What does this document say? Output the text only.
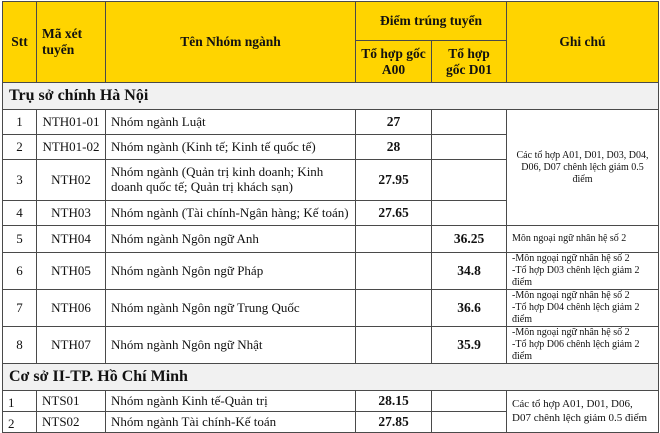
Stt	Mã xét tuyển	Tên Nhóm ngành	Điểm trúng tuyển		Ghi chú
			Tổ hợp gốc A00	Tổ hợp gốc D01	
Trụ sở chính Hà Nội					
1	NTH01-01	Nhóm ngành Luật	27		Các tổ hợp A01, D01, D03, D04, D06, D07 chênh lệch giảm 0.5 điểm
2	NTH01-02	Nhóm ngành (Kinh tế; Kinh tế quốc tế)	28		
3	NTH02	Nhóm ngành (Quản trị kinh doanh; Kinh doanh quốc tế; Quản trị khách sạn)	27.95		
4	NTH03	Nhóm ngành (Tài chính-Ngân hàng; Kế toán)	27.65		
5	NTH04	Nhóm ngành Ngôn ngữ Anh		36.25	Môn ngoại ngữ nhân hệ số 2
6	NTH05	Nhóm ngành Ngôn ngữ Pháp		34.8	-Môn ngoại ngữ nhân hệ số 2
-Tổ hợp D03 chênh lệch giảm 2 điểm
7	NTH06	Nhóm ngành Ngôn ngữ Trung Quốc		36.6	-Môn ngoại ngữ nhân hệ số 2
-Tổ hợp D04 chênh lệch giảm 2 điểm
8	NTH07	Nhóm ngành Ngôn ngữ Nhật		35.9	-Môn ngoại ngữ nhân hệ số 2
-Tổ hợp D06 chênh lệch giảm 2 điểm
Cơ sở II-TP. Hồ Chí Minh					
1	NTS01	Nhóm ngành Kinh tế-Quản trị	28.15		Các tổ hợp A01, D01, D06, D07 chênh lệch giảm 0.5 điểm
2	NTS02	Nhóm ngành Tài chính-Kế toán	27.85		
